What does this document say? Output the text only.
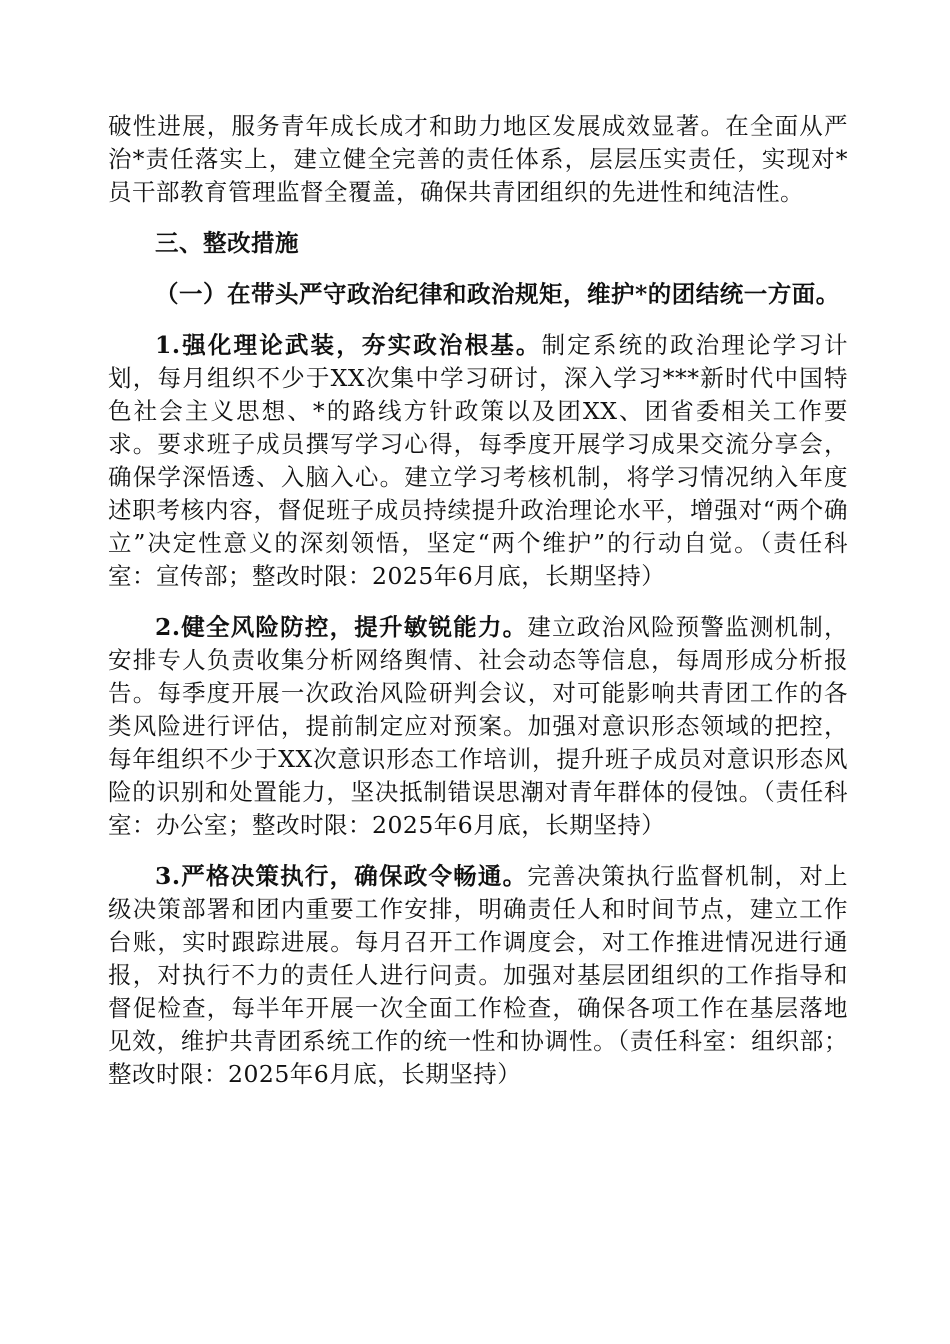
破性进展，服务青年成长成才和助力地区发展成效显著。在全面从严治*责任落实上，建立健全完善的责任体系，层层压实责任，实现对*员干部教育管理监督全覆盖，确保共青团组织的先进性和纯洁性。

三、整改措施

（一）在带头严守政治纪律和政治规矩，维护*的团结统一方面。

1.强化理论武装，夯实政治根基。制定系统的政治理论学习计划，每月组织不少于XX次集中学习研讨，深入学习***新时代中国特色社会主义思想、*的路线方针政策以及团XX、团省委相关工作要求。要求班子成员撰写学习心得，每季度开展学习成果交流分享会，确保学深悟透、入脑入心。建立学习考核机制，将学习情况纳入年度述职考核内容，督促班子成员持续提升政治理论水平，增强对“两个确立”决定性意义的深刻领悟，坚定“两个维护”的行动自觉。（责任科室：宣传部；整改时限：2025年6月底，长期坚持）

2.健全风险防控，提升敏锐能力。建立政治风险预警监测机制，安排专人负责收集分析网络舆情、社会动态等信息，每周形成分析报告。每季度开展一次政治风险研判会议，对可能影响共青团工作的各类风险进行评估，提前制定应对预案。加强对意识形态领域的把控，每年组织不少于XX次意识形态工作培训，提升班子成员对意识形态风险的识别和处置能力，坚决抵制错误思潮对青年群体的侵蚀。（责任科室：办公室；整改时限：2025年6月底，长期坚持）

3.严格决策执行，确保政令畅通。完善决策执行监督机制，对上级决策部署和团内重要工作安排，明确责任人和时间节点，建立工作台账，实时跟踪进展。每月召开工作调度会，对工作推进情况进行通报，对执行不力的责任人进行问责。加强对基层团组织的工作指导和督促检查，每半年开展一次全面工作检查，确保各项工作在基层落地见效，维护共青团系统工作的统一性和协调性。（责任科室：组织部；整改时限：2025年6月底，长期坚持）
